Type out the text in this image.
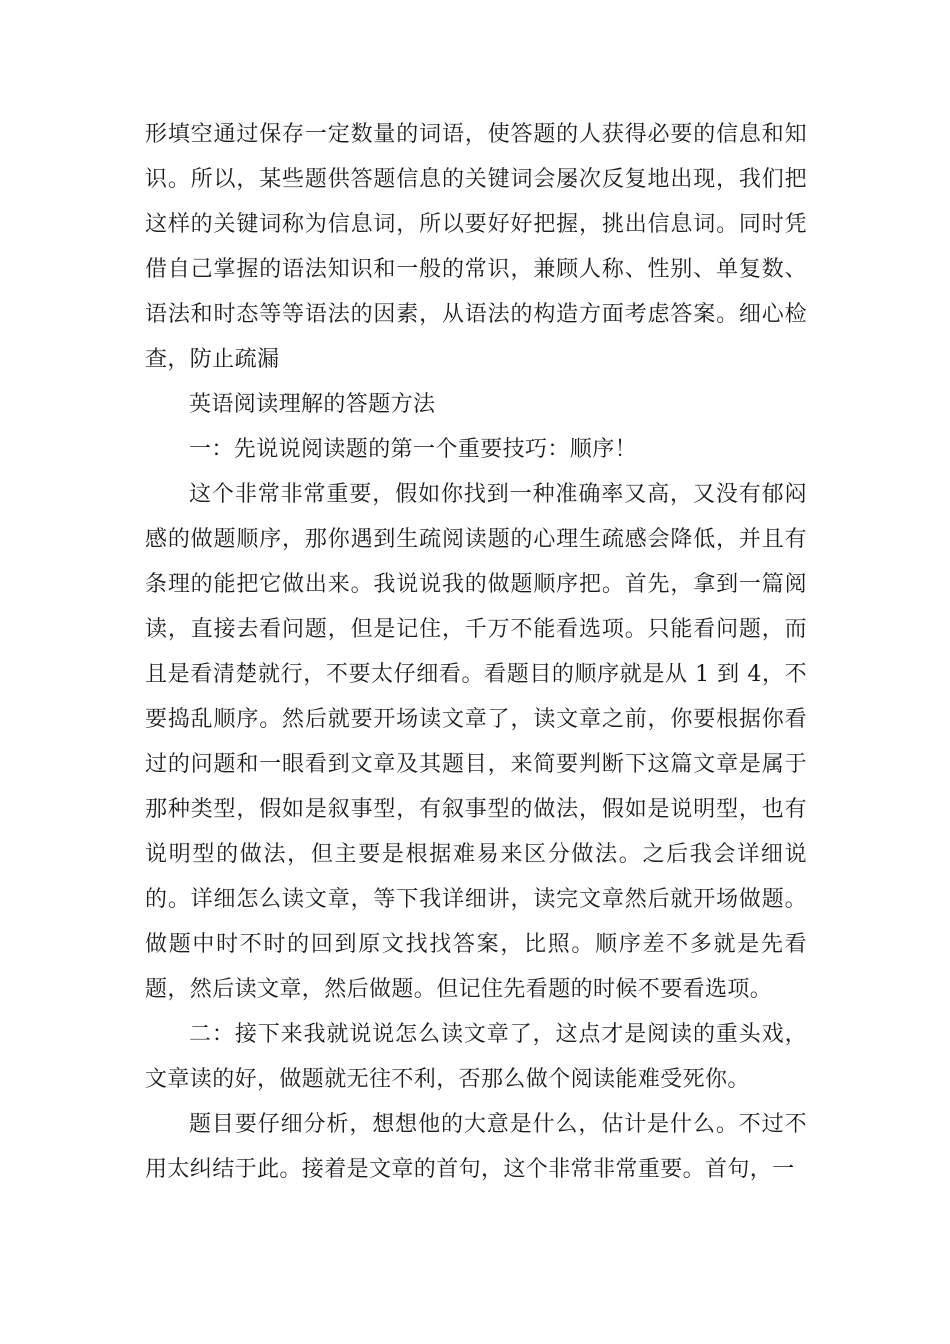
形填空通过保存一定数量的词语，使答题的人获得必要的信息和知识。所以，某些题供答题信息的关键词会屡次反复地出现，我们把这样的关键词称为信息词，所以要好好把握，挑出信息词。同时凭借自己掌握的语法知识和一般的常识，兼顾人称、性别、单复数、语法和时态等等语法的因素，从语法的构造方面考虑答案。细心检查，防止疏漏

英语阅读理解的答题方法

一：先说说阅读题的第一个重要技巧：顺序！

这个非常非常重要，假如你找到一种准确率又高，又没有郁闷感的做题顺序，那你遇到生疏阅读题的心理生疏感会降低，并且有条理的能把它做出来。我说说我的做题顺序把。首先，拿到一篇阅读，直接去看问题，但是记住，千万不能看选项。只能看问题，而且是看清楚就行，不要太仔细看。看题目的顺序就是从 1 到 4，不要捣乱顺序。然后就要开场读文章了，读文章之前，你要根据你看过的问题和一眼看到文章及其题目，来简要判断下这篇文章是属于那种类型，假如是叙事型，有叙事型的做法，假如是说明型，也有说明型的做法，但主要是根据难易来区分做法。之后我会详细说的。详细怎么读文章，等下我详细讲，读完文章然后就开场做题。做题中时不时的回到原文找找答案，比照。顺序差不多就是先看题，然后读文章，然后做题。但记住先看题的时候不要看选项。

二：接下来我就说说怎么读文章了，这点才是阅读的重头戏，文章读的好，做题就无往不利，否那么做个阅读能难受死你。

题目要仔细分析，想想他的大意是什么，估计是什么。不过不用太纠结于此。接着是文章的首句，这个非常非常重要。首句，一
